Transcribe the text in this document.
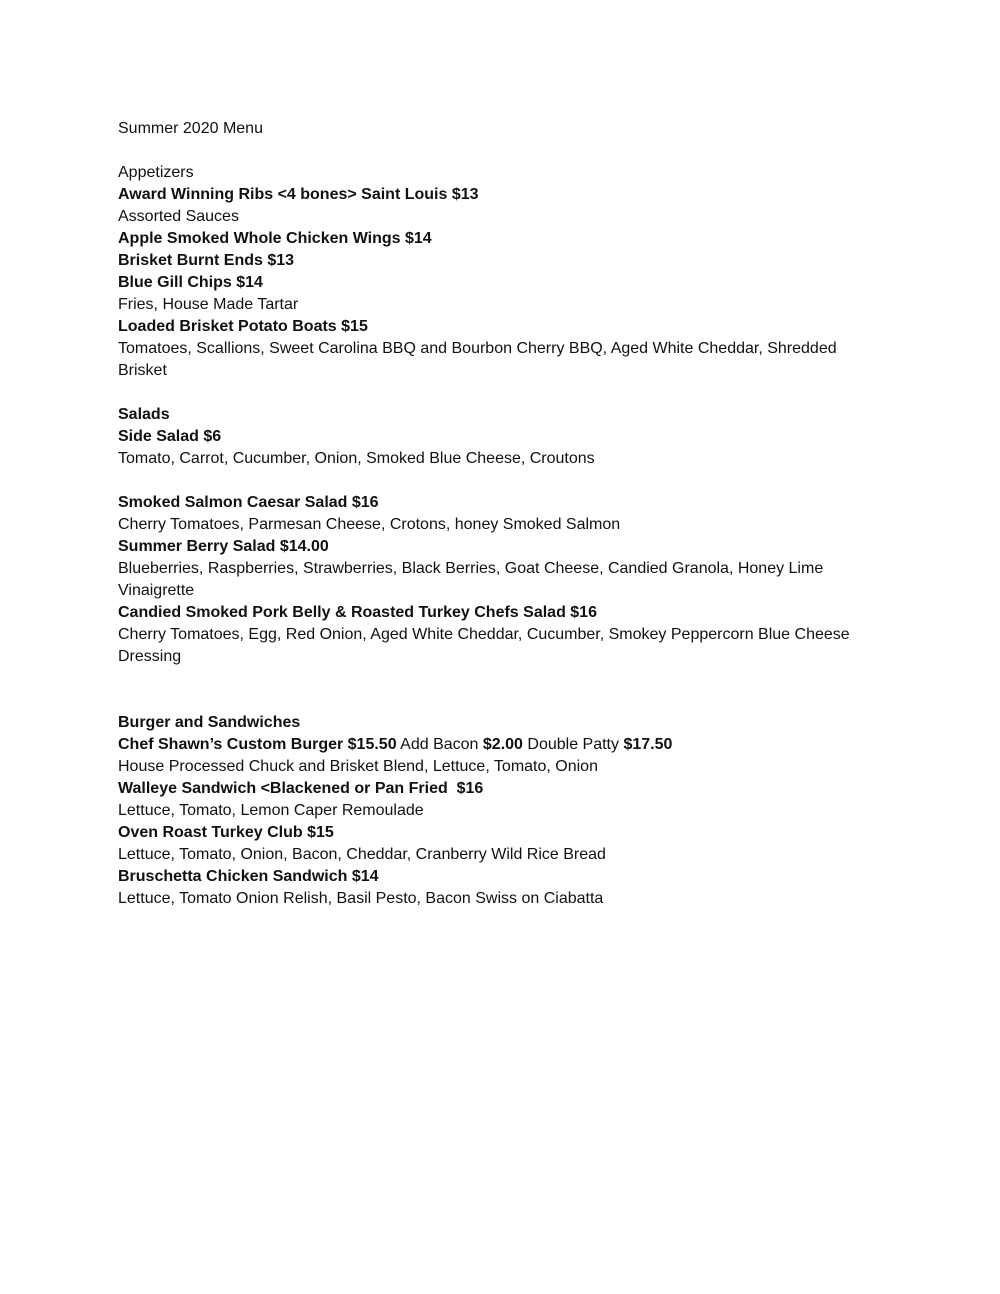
Summer 2020 Menu
Appetizers
Award Winning Ribs <4 bones> Saint Louis $13
Assorted Sauces
Apple Smoked Whole Chicken Wings $14
Brisket Burnt Ends $13
Blue Gill Chips $14
Fries, House Made Tartar
Loaded Brisket Potato Boats $15
Tomatoes, Scallions, Sweet Carolina BBQ and Bourbon Cherry BBQ, Aged White Cheddar, Shredded Brisket
Salads
Side Salad $6
Tomato, Carrot, Cucumber, Onion, Smoked Blue Cheese, Croutons
Smoked Salmon Caesar Salad $16
Cherry Tomatoes, Parmesan Cheese, Crotons, honey Smoked Salmon
Summer Berry Salad $14.00
Blueberries, Raspberries, Strawberries, Black Berries, Goat Cheese, Candied Granola, Honey Lime Vinaigrette
Candied Smoked Pork Belly & Roasted Turkey Chefs Salad $16
Cherry Tomatoes, Egg, Red Onion, Aged White Cheddar, Cucumber, Smokey Peppercorn Blue Cheese Dressing
Burger and Sandwiches
Chef Shawn’s Custom Burger $15.50 Add Bacon $2.00 Double Patty $17.50
House Processed Chuck and Brisket Blend, Lettuce, Tomato, Onion
Walleye Sandwich <Blackened or Pan Fried  $16
Lettuce, Tomato, Lemon Caper Remoulade
Oven Roast Turkey Club $15
Lettuce, Tomato, Onion, Bacon, Cheddar, Cranberry Wild Rice Bread
Bruschetta Chicken Sandwich $14
Lettuce, Tomato Onion Relish, Basil Pesto, Bacon Swiss on Ciabatta
